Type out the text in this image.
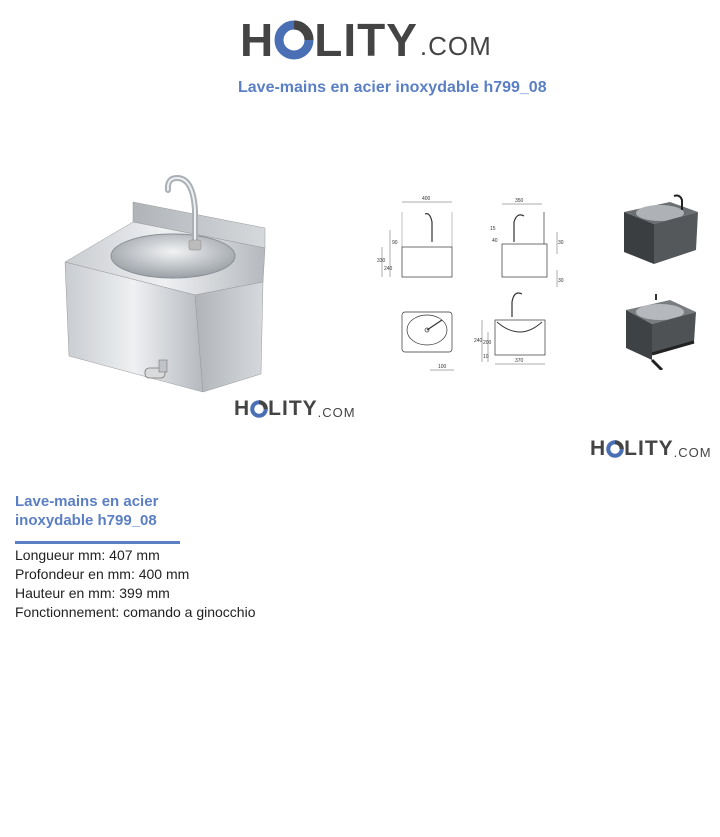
H LITY .COM
Lave-mains en acier inoxydable h799_08
H LITY .COM
400	350
15
90
330
240
40	30
30
100
240 200
10
370
H LITY .COM
Lave-mains en acier
inoxydable h799_08
Longueur mm: 407 mm
Profondeur en mm: 400 mm
Hauteur en mm: 399 mm
Fonctionnement: comando a ginocchio
